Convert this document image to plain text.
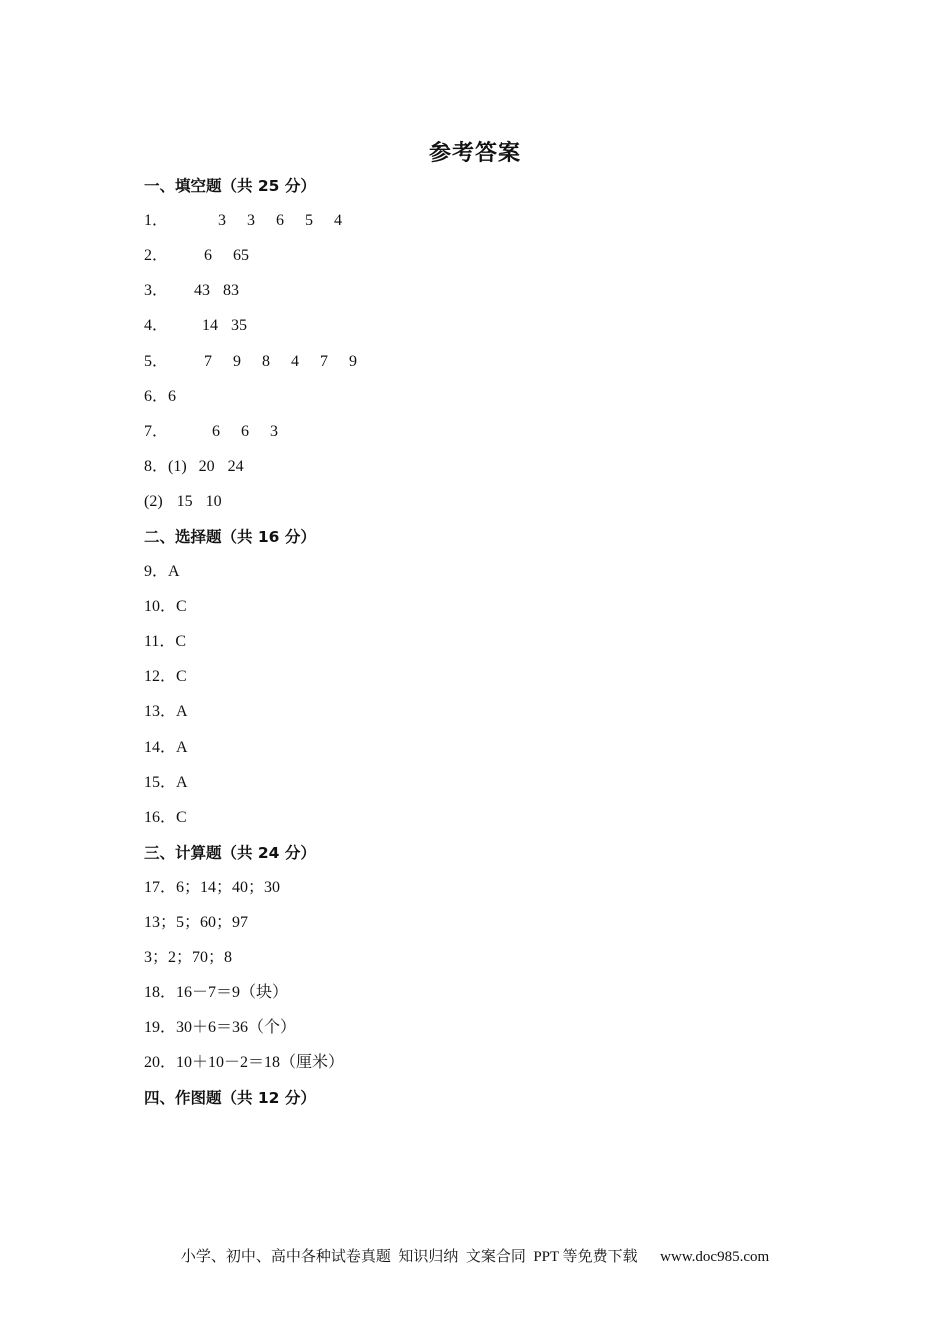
参考答案
一、填空题（共 25 分）
1．	3 3 6 5 4
2． 6 65
3． 43 83
4． 14 35
5． 7 9 8 4 7 9
6． 6
7．	6 6 3
8．(1) 20 24
(2) 15 10
二、选择题（共 16 分）
9． A
10． C
11． C
12． C
13． A
14． A
15． A
16． C
三、计算题（共 24 分）
17．6；14；40；30
13；5；60；97
3；2；70；8
18．16－7＝9（块）
19．30＋6＝36（个）
20．10＋10－2＝18（厘米）
四、作图题（共 12 分）
小学、初中、高中各种试卷真题  知识归纳  文案合同  PPT 等免费下载      www.doc985.com
